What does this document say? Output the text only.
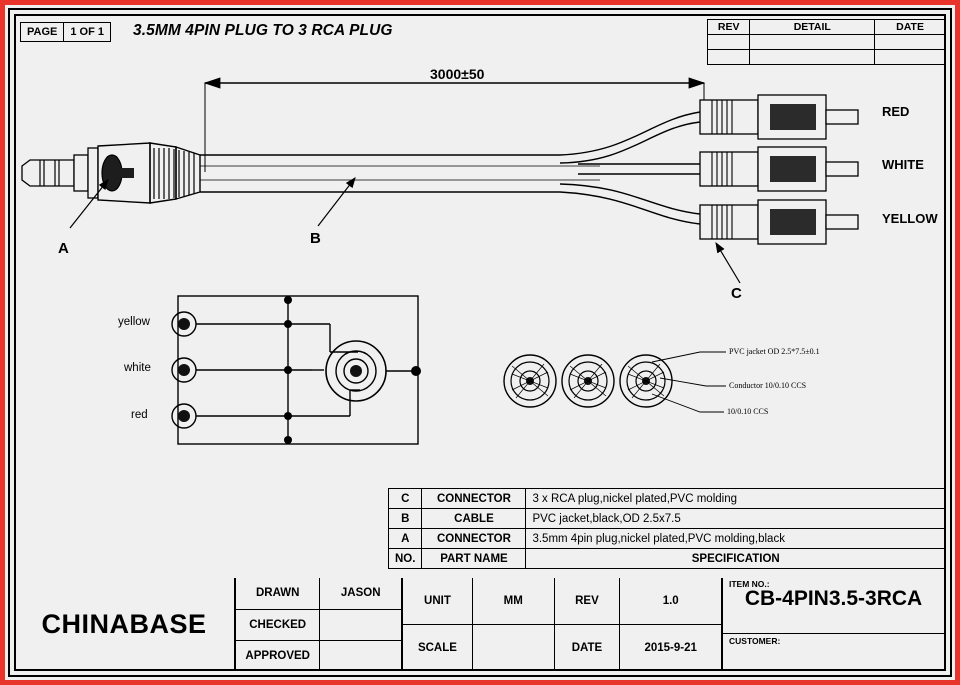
PAGE	1 OF 1	3.5MM 4PIN PLUG TO 3 RCA PLUG	REV	DETAIL	DATE

3000±50
RED
WHITE
YELLOW
A
B
C
yellow
white
red
PVC jacket OD 2.5*7.5±0.1
Conductor 10/0.10 CCS
10/0.10 CCS
C	CONNECTOR	3 x RCA plug,nickel plated,PVC molding
B	CABLE	PVC jacket,black,OD 2.5x7.5
A	CONNECTOR	3.5mm 4pin plug,nickel plated,PVC molding,black
NO.	PART NAME	SPECIFICATION
CHINABASE
DRAWN	JASON
CHECKED	
APPROVED	
UNIT	MM	REV	1.0
SCALE		DATE	2015-9-21
ITEM NO.:
CB-4PIN3.5-3RCA

CUSTOMER:
